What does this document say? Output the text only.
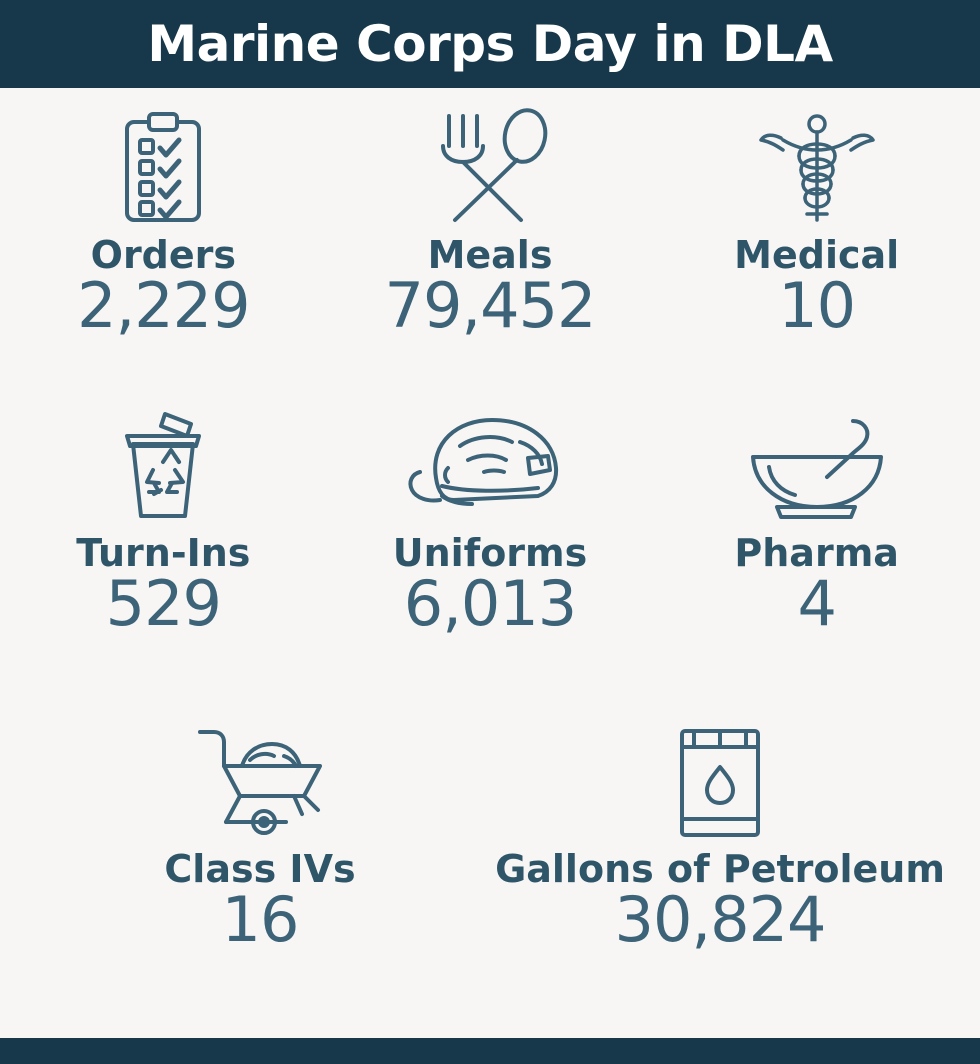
Marine Corps Day in DLA
Orders
2,229
Meals
79,452
Medical
10
Turn-Ins
529
Uniforms
6,013
Pharma
4
Class IVs
16
Gallons of Petroleum
30,824
